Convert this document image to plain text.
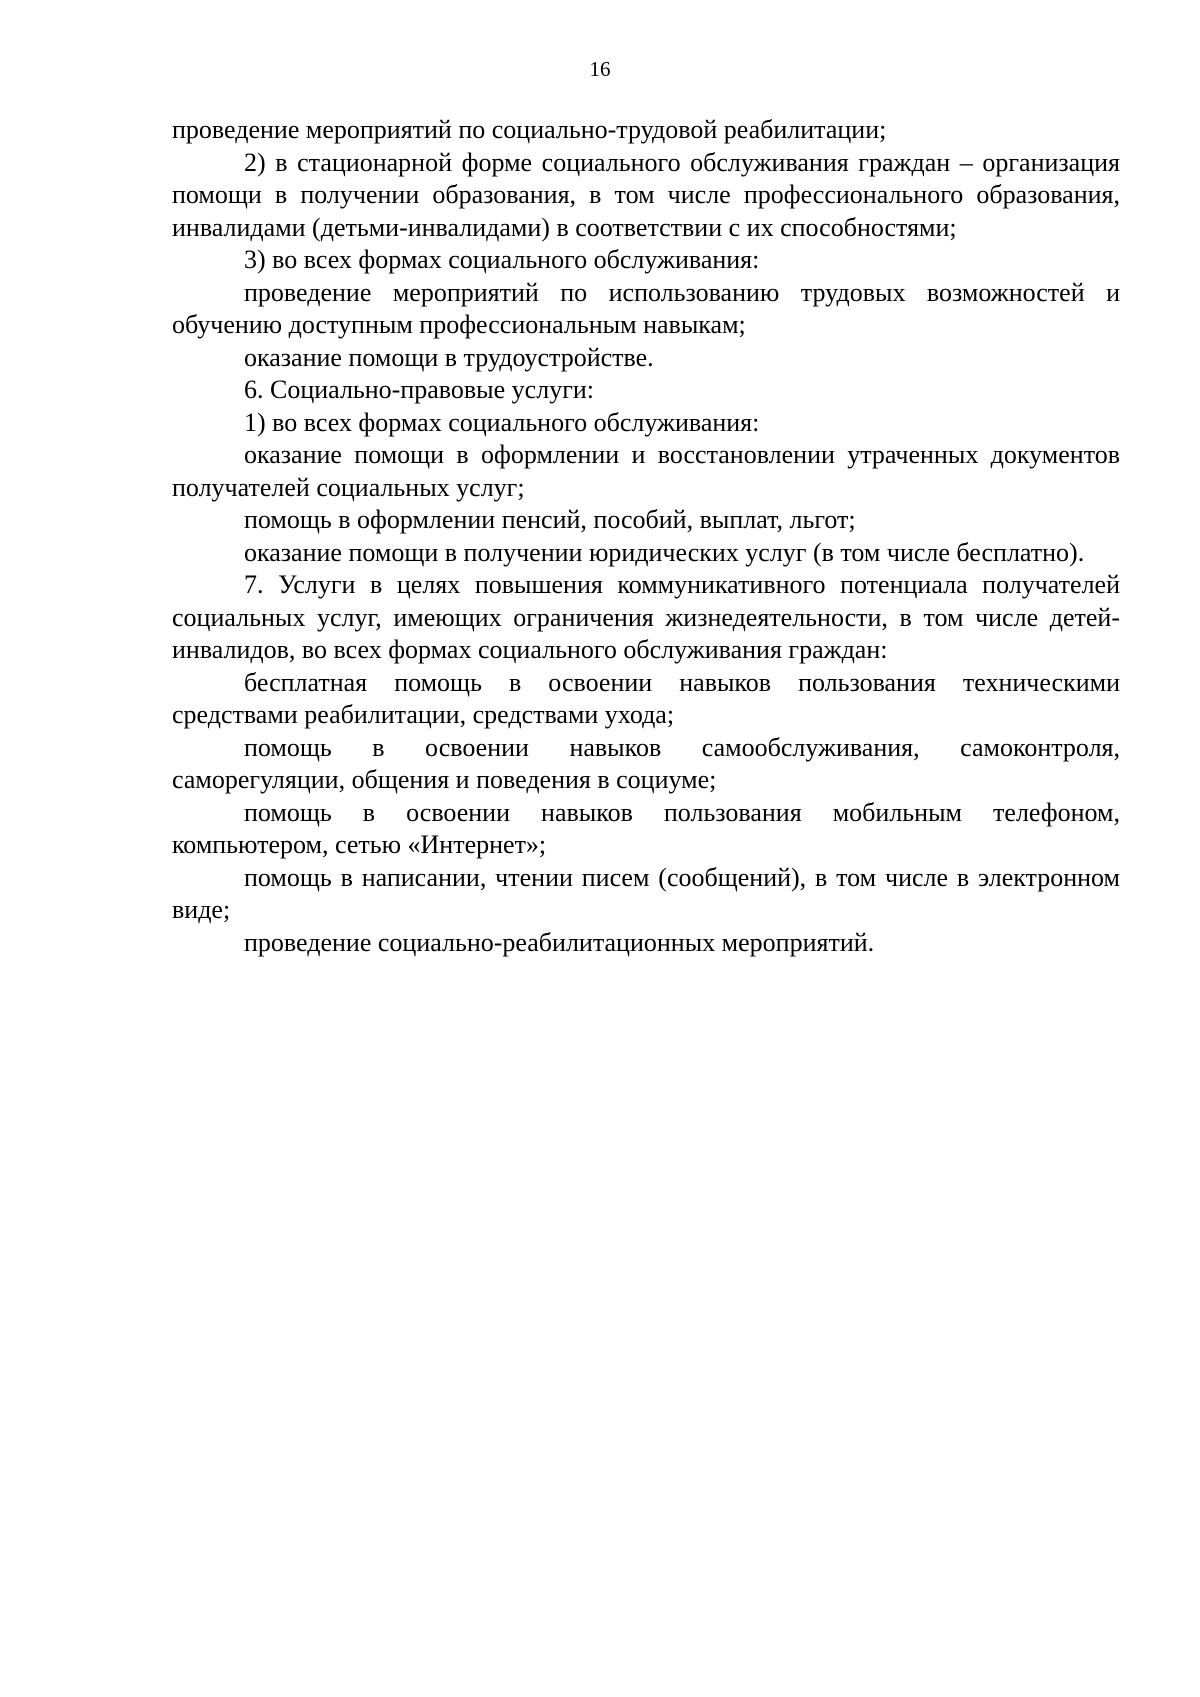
16

проведение мероприятий по социально-трудовой реабилитации;

2) в стационарной форме социального обслуживания граждан – организация помощи в получении образования, в том числе профессионального образования, инвалидами (детьми-инвалидами) в соответствии с их способностями;

3) во всех формах социального обслуживания:

проведение мероприятий по использованию трудовых возможностей и обучению доступным профессиональным навыкам;

оказание помощи в трудоустройстве.

6. Социально-правовые услуги:

1) во всех формах социального обслуживания:

оказание помощи в оформлении и восстановлении утраченных документов получателей социальных услуг;

помощь в оформлении пенсий, пособий, выплат, льгот;

оказание помощи в получении юридических услуг (в том числе бесплатно).

7. Услуги в целях повышения коммуникативного потенциала получателей социальных услуг, имеющих ограничения жизнедеятельности, в том числе детей-инвалидов, во всех формах социального обслуживания граждан:

бесплатная помощь в освоении навыков пользования техническими средствами реабилитации, средствами ухода;

помощь в освоении навыков самообслуживания, самоконтроля, саморегуляции, общения и поведения в социуме;

помощь в освоении навыков пользования мобильным телефоном, компьютером, сетью «Интернет»;

помощь в написании, чтении писем (сообщений), в том числе в электронном виде;

проведение социально-реабилитационных мероприятий.
